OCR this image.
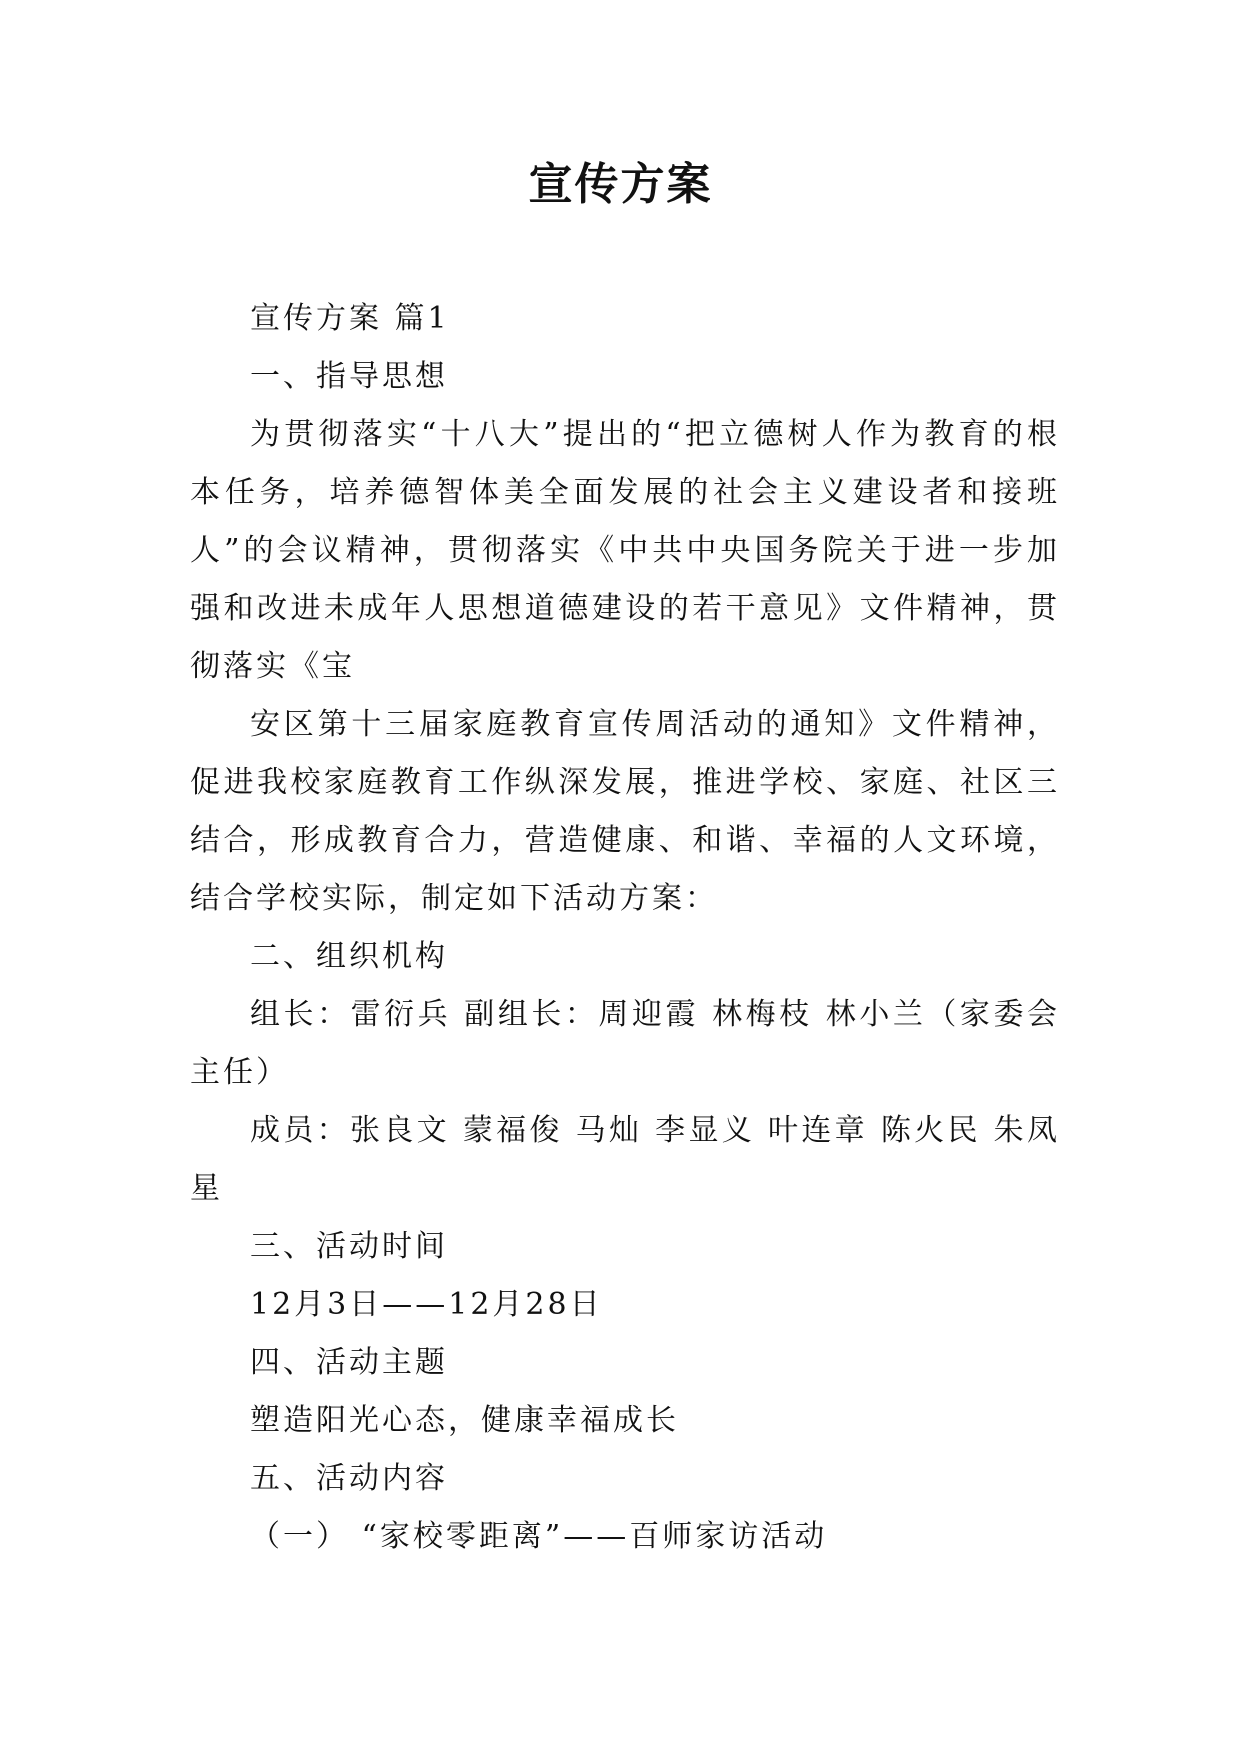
宣传方案

宣传方案 篇1

一、指导思想

为贯彻落实“十八大”提出的“把立德树人作为教育的根本任务，培养德智体美全面发展的社会主义建设者和接班人”的会议精神，贯彻落实《中共中央国务院关于进一步加强和改进未成年人思想道德建设的若干意见》文件精神，贯彻落实《宝

安区第十三届家庭教育宣传周活动的通知》文件精神，促进我校家庭教育工作纵深发展，推进学校、家庭、社区三结合，形成教育合力，营造健康、和谐、幸福的人文环境，结合学校实际，制定如下活动方案：

二、组织机构

组长：雷衍兵 副组长：周迎霞 林梅枝 林小兰（家委会主任）

成员：张良文 蒙福俊 马灿 李显义 叶连章 陈火民 朱凤星

三、活动时间

12月3日——12月28日

四、活动主题

塑造阳光心态，健康幸福成长

五、活动内容

（一） “家校零距离”——百师家访活动
